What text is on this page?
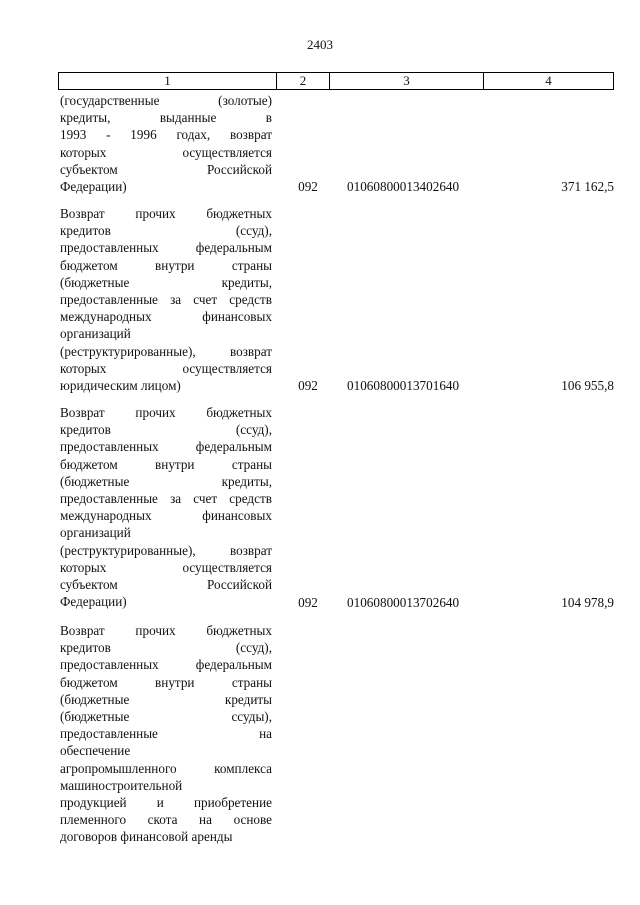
2403
1	2	3	4
(государственные (золотые)
кредиты, выданные в
1993 - 1996 годах, возврат
которых осуществляется
субъектом Российской
Федерации)	092	01060800013402640	371 162,5
Возврат прочих бюджетных
кредитов (ссуд),
предоставленных федеральным
бюджетом внутри страны
(бюджетные кредиты,
предоставленные за счет средств
международных финансовых
организаций
(реструктурированные), возврат
которых осуществляется
юридическим лицом)	092	01060800013701640	106 955,8
Возврат прочих бюджетных
кредитов (ссуд),
предоставленных федеральным
бюджетом внутри страны
(бюджетные кредиты,
предоставленные за счет средств
международных финансовых
организаций
(реструктурированные), возврат
которых осуществляется
субъектом Российской
Федерации)	092	01060800013702640	104 978,9
Возврат прочих бюджетных
кредитов (ссуд),
предоставленных федеральным
бюджетом внутри страны
(бюджетные кредиты
(бюджетные ссуды),
предоставленные на
обеспечение
агропромышленного комплекса
машиностроительной
продукцией и приобретение
племенного скота на основе
договоров финансовой аренды
